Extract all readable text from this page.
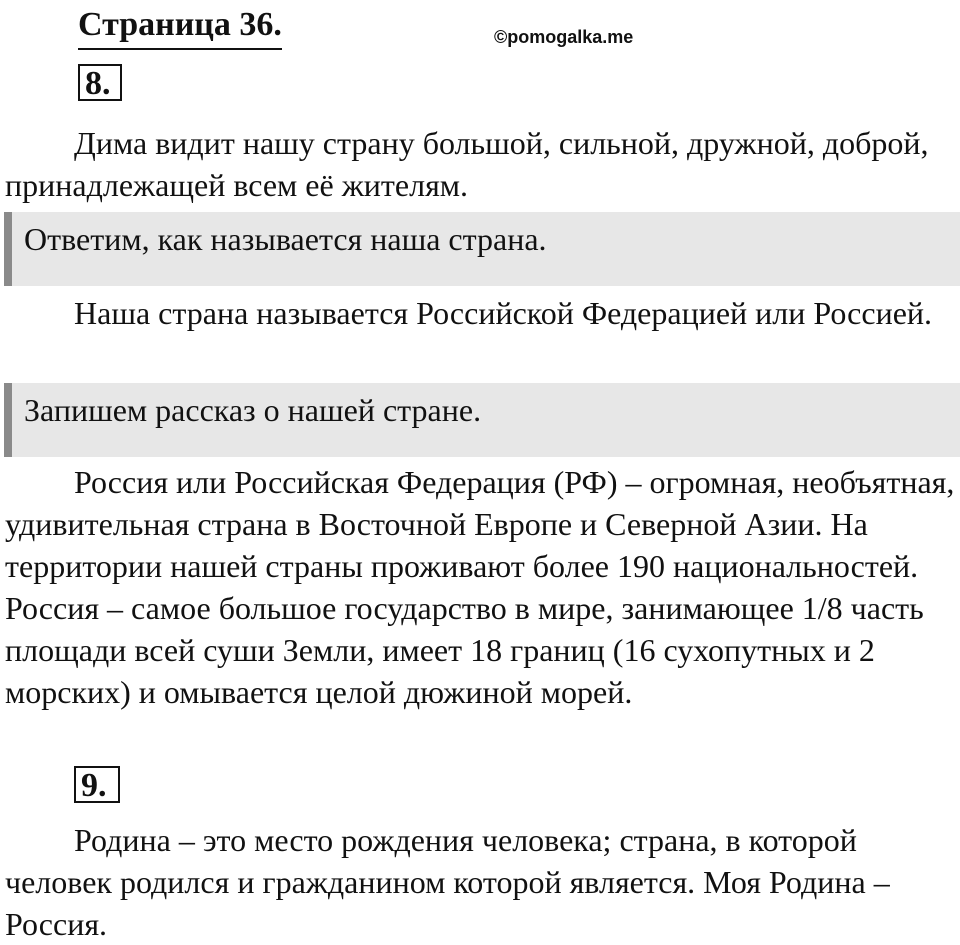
Страница 36.	©pomogalka.me
8.

Дима видит нашу страну большой, сильной, дружной, доброй, принадлежащей всем её жителям.

Ответим, как называется наша страна.

Наша страна называется Российской Федерацией или Россией.

Запишем рассказ о нашей стране.

Россия или Российская Федерация (РФ) – огромная, необъятная, удивительная страна в Восточной Европе и Северной Азии. На территории нашей страны проживают более 190 национальностей. Россия – самое большое государство в мире, занимающее 1/8 часть площади всей суши Земли, имеет 18 границ (16 сухопутных и 2 морских) и омывается целой дюжиной морей.

9.

Родина – это место рождения человека; страна, в которой человек родился и гражданином которой является. Моя Родина – Россия.
